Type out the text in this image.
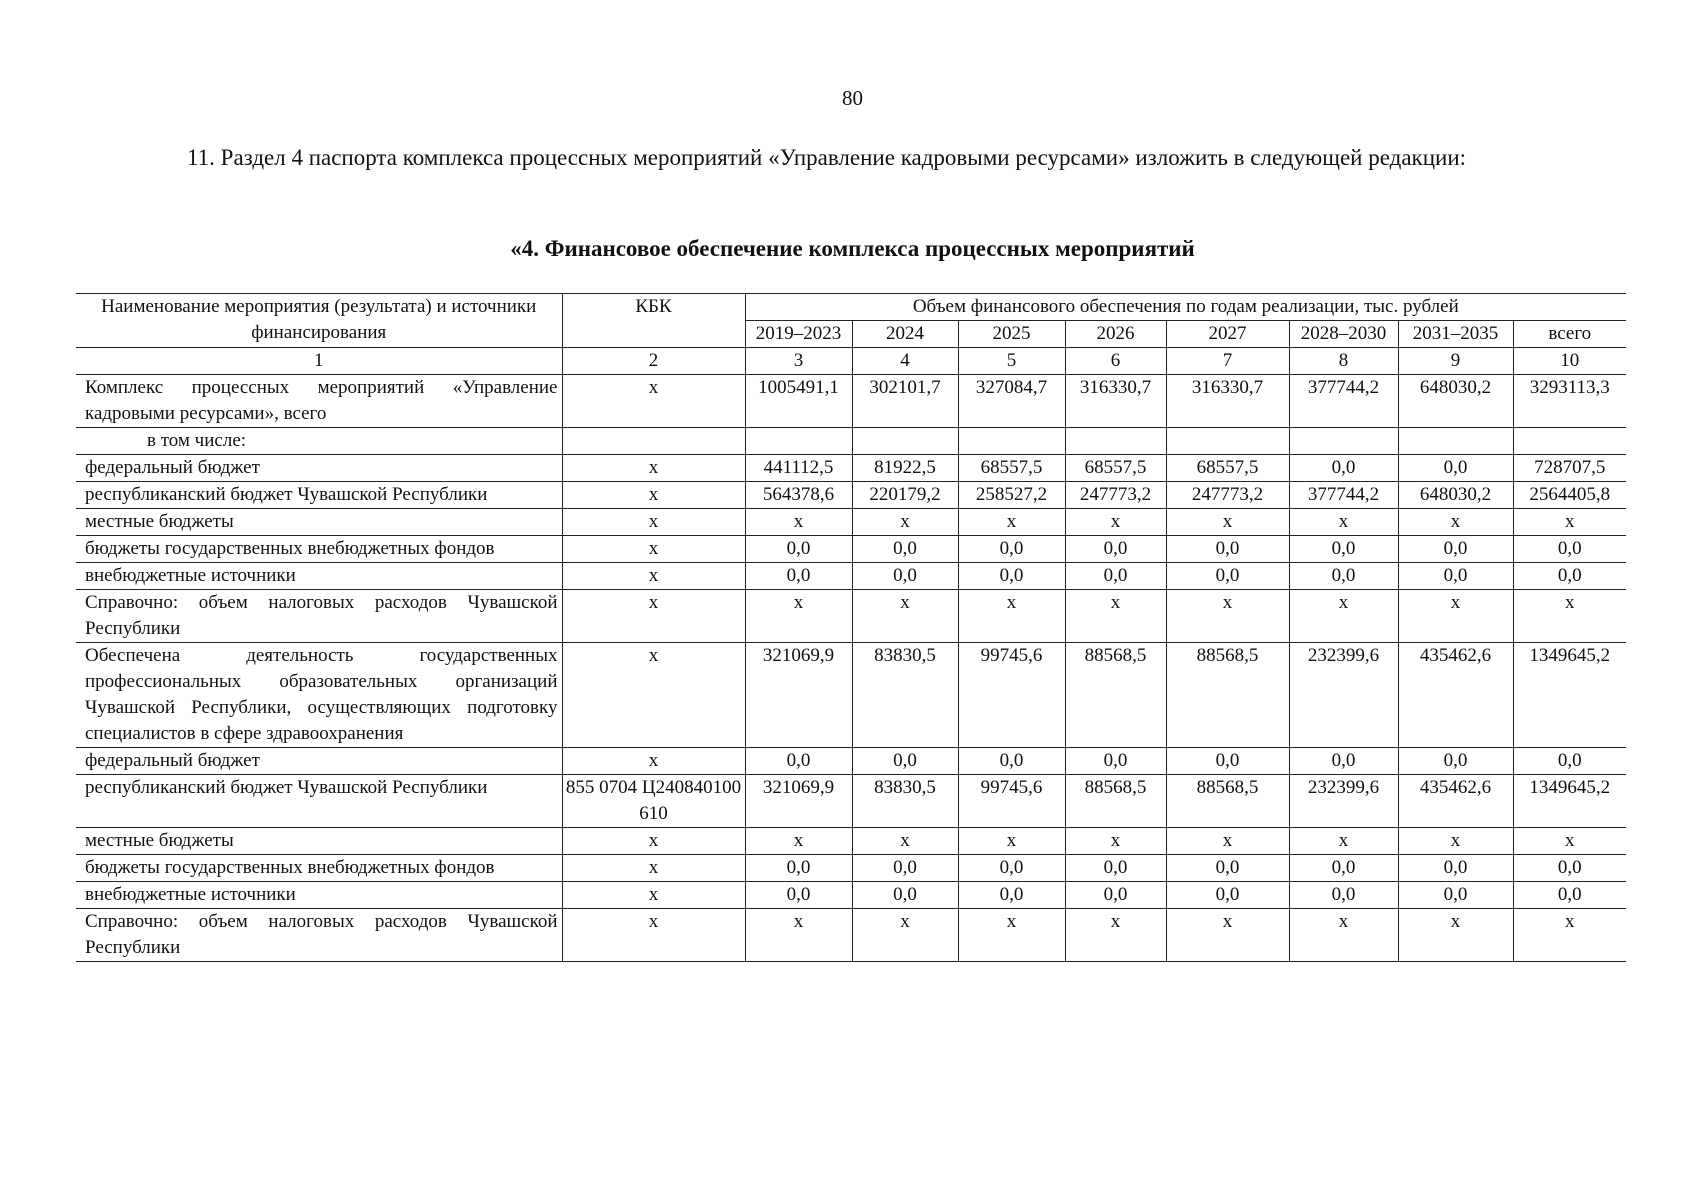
80
11. Раздел 4 паспорта комплекса процессных мероприятий «Управление кадровыми ресурсами» изложить в следующей редакции:
«4. Финансовое обеспечение комплекса процессных мероприятий
Наименование мероприятия (результата) и источники финансирования	КБК	Объем финансового обеспечения по годам реализации, тыс. рублей							
		2019–2023	2024	2025	2026	2027	2028–2030	2031–2035	всего
1	2	3	4	5	6	7	8	9	10
Комплекс процессных мероприятий «Управление кадровыми ресурсами», всего	х	1005491,1	302101,7	327084,7	316330,7	316330,7	377744,2	648030,2	3293113,3
в том числе:									
федеральный бюджет	х	441112,5	81922,5	68557,5	68557,5	68557,5	0,0	0,0	728707,5
республиканский бюджет Чувашской Республики	х	564378,6	220179,2	258527,2	247773,2	247773,2	377744,2	648030,2	2564405,8
местные бюджеты	х	х	х	х	х	х	х	х	х
бюджеты государственных внебюджетных фондов	х	0,0	0,0	0,0	0,0	0,0	0,0	0,0	0,0
внебюджетные источники	х	0,0	0,0	0,0	0,0	0,0	0,0	0,0	0,0
Справочно: объем налоговых расходов Чувашской Республики	х	х	х	х	х	х	х	х	х
Обеспечена деятельность государственных профессиональных образовательных организаций Чувашской Республики, осуществляющих подготовку специалистов в сфере здравоохранения	х	321069,9	83830,5	99745,6	88568,5	88568,5	232399,6	435462,6	1349645,2
федеральный бюджет	х	0,0	0,0	0,0	0,0	0,0	0,0	0,0	0,0
республиканский бюджет Чувашской Республики	855 0704 Ц240840100 610	321069,9	83830,5	99745,6	88568,5	88568,5	232399,6	435462,6	1349645,2
местные бюджеты	х	х	х	х	х	х	х	х	х
бюджеты государственных внебюджетных фондов	х	0,0	0,0	0,0	0,0	0,0	0,0	0,0	0,0
внебюджетные источники	х	0,0	0,0	0,0	0,0	0,0	0,0	0,0	0,0
Справочно: объем налоговых расходов Чувашской Республики	х	х	х	х	х	х	х	х	х
